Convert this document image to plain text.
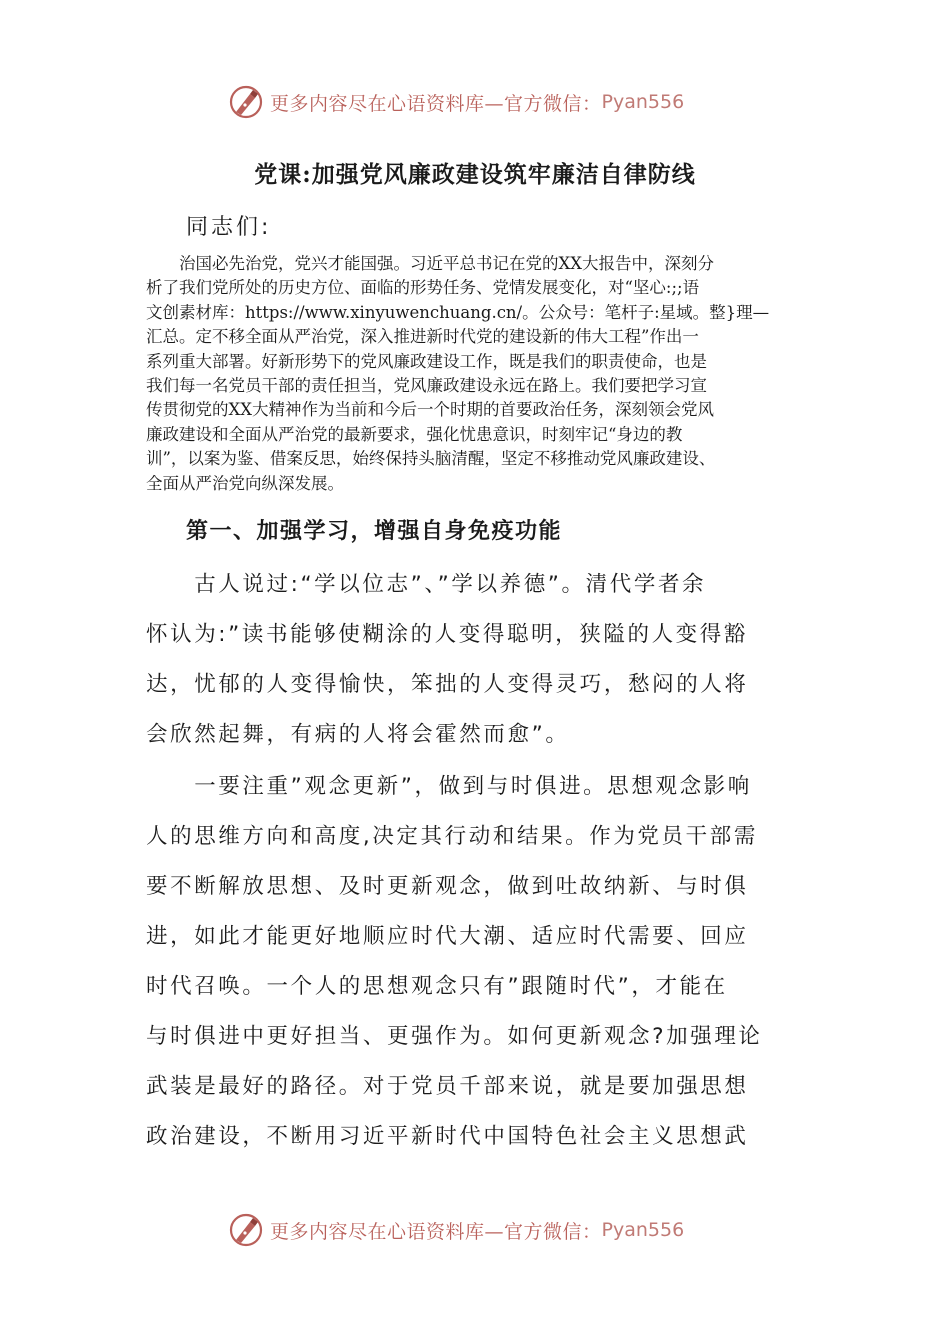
更多内容尽在心语资料库—官方微信： Pyan556
党课:加强党风廉政建设筑牢廉洁自律防线
同志们:
　　治国必先治党，党兴才能国强。习近平总书记在党的XX大报告中，深刻分
析了我们党所处的历史方位、面临的形势任务、党情发展变化，对“坚心:;;语
文创素材库：https://www.xinyuwenchuang.cn/。公众号：笔杆子:星域。整}理—
汇总。定不移全面从严治党，深入推进新时代党的建设新的伟大工程”作出一
系列重大部署。好新形势下的党风廉政建设工作，既是我们的职责使命，也是
我们每一名党员干部的责任担当，党风廉政建设永远在路上。我们要把学习宣
传贯彻党的XX大精神作为当前和今后一个时期的首要政治任务，深刻领会党风
廉政建设和全面从严治党的最新要求，强化忧患意识，时刻牢记“身边的教
训”，以案为鉴、借案反思，始终保持头脑清醒，坚定不移推动党风廉政建设、
全面从严治党向纵深发展。
第一、加强学习，增强自身免疫功能
　　古人说过:“学以位志”、”学以养德”。清代学者余
怀认为:”读书能够使糊涂的人变得聪明，狭隘的人变得豁
达，忧郁的人变得愉快，笨拙的人变得灵巧，愁闷的人将
会欣然起舞，有病的人将会霍然而愈”。
　　一要注重”观念更新”，做到与时俱进。思想观念影响
人的思维方向和高度,决定其行动和结果。作为党员干部需
要不断解放思想、及时更新观念，做到吐故纳新、与时俱
进，如此才能更好地顺应时代大潮、适应时代需要、回应
时代召唤。一个人的思想观念只有”跟随时代”，才能在
与时俱进中更好担当、更强作为。如何更新观念?加强理论
武装是最好的路径。对于党员千部来说，就是要加强思想
政治建设，不断用习近平新时代中国特色社会主义思想武
更多内容尽在心语资料库—官方微信： Pyan556
